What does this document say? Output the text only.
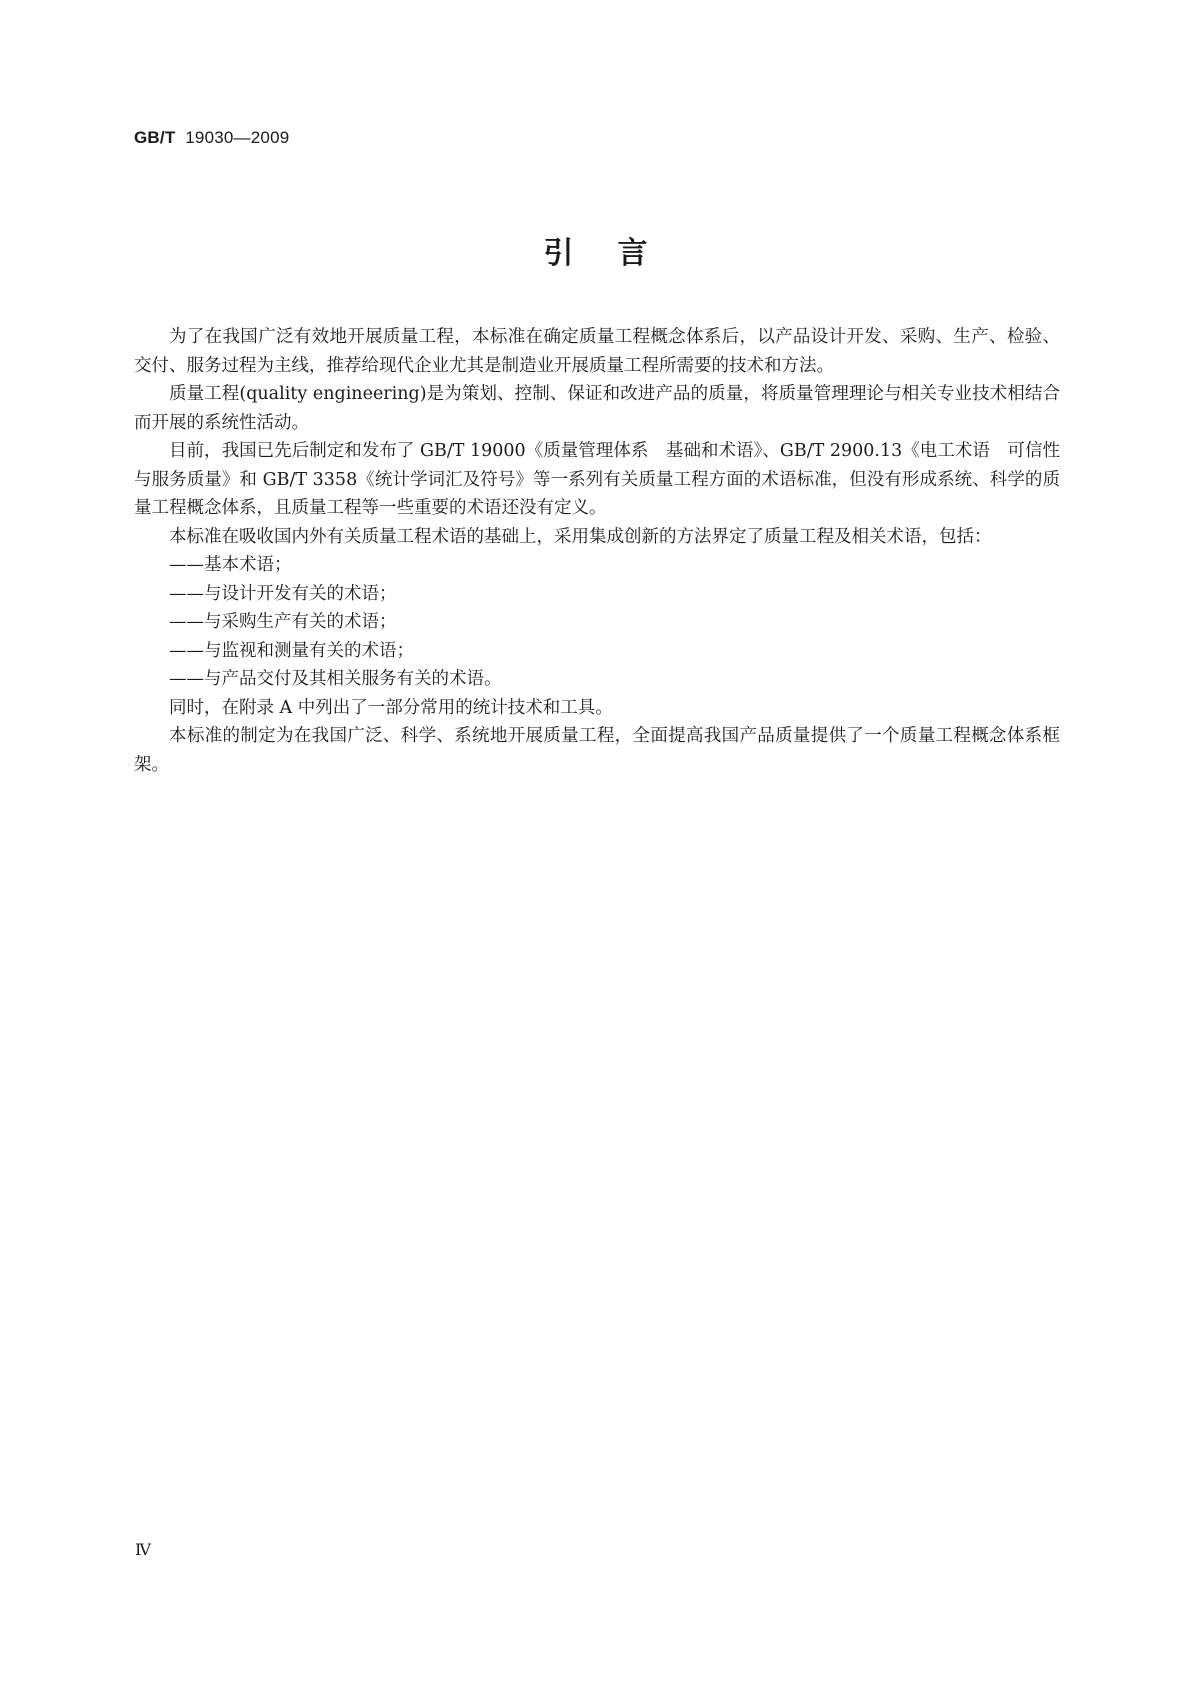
GB/T 19030—2009
引言

为了在我国广泛有效地开展质量工程，本标准在确定质量工程概念体系后，以产品设计开发、采购、生产、检验、交付、服务过程为主线，推荐给现代企业尤其是制造业开展质量工程所需要的技术和方法。

质量工程(quality engineering)是为策划、控制、保证和改进产品的质量，将质量管理理论与相关专业技术相结合而开展的系统性活动。

目前，我国已先后制定和发布了 GB/T 19000《质量管理体系　基础和术语》、GB/T 2900.13《电工术语　可信性与服务质量》和 GB/T 3358《统计学词汇及符号》等一系列有关质量工程方面的术语标准，但没有形成系统、科学的质量工程概念体系，且质量工程等一些重要的术语还没有定义。

本标准在吸收国内外有关质量工程术语的基础上，采用集成创新的方法界定了质量工程及相关术语，包括：

——基本术语；

——与设计开发有关的术语；

——与采购生产有关的术语；

——与监视和测量有关的术语；

——与产品交付及其相关服务有关的术语。

同时，在附录 A 中列出了一部分常用的统计技术和工具。

本标准的制定为在我国广泛、科学、系统地开展质量工程，全面提高我国产品质量提供了一个质量工程概念体系框架。

Ⅳ
